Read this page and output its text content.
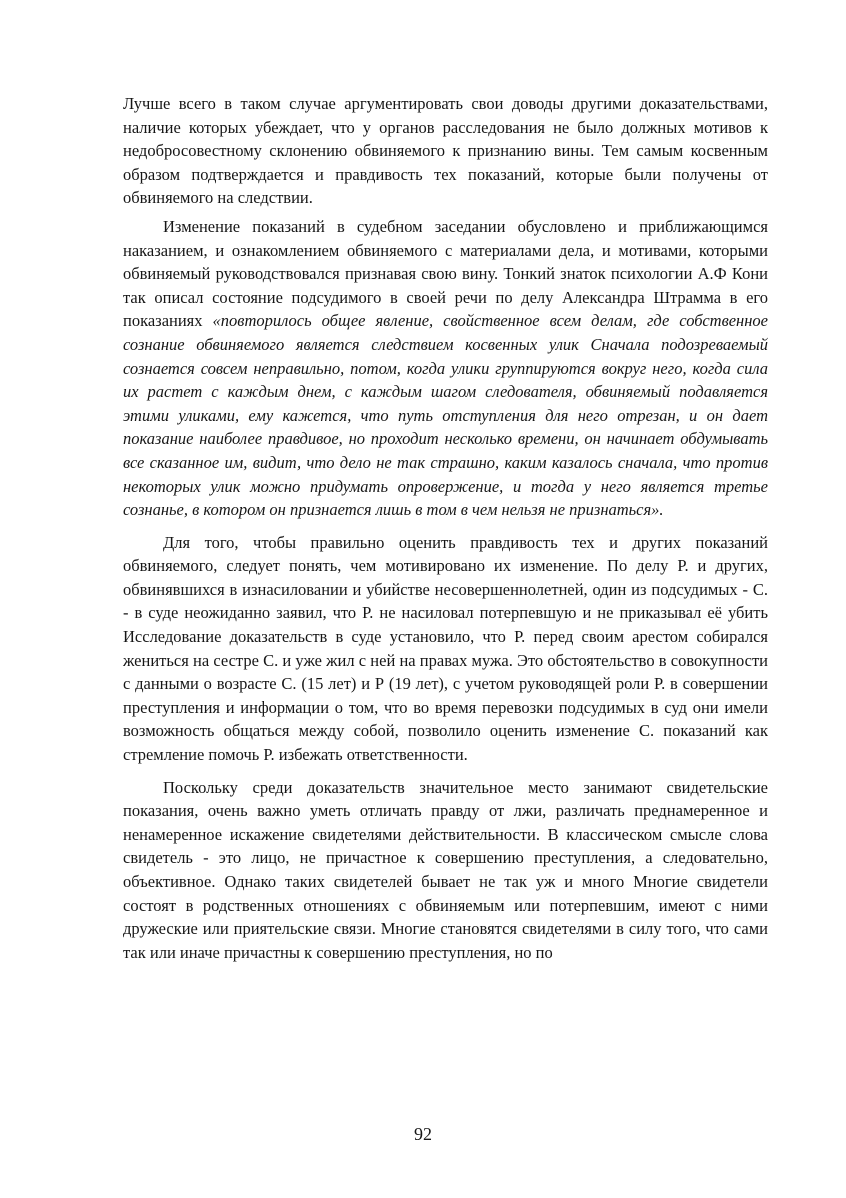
Лучше всего в таком случае аргументировать свои доводы другими доказательствами, наличие которых убеждает, что у органов расследования не было должных мотивов к недобросовестному склонению обвиняемого к признанию вины. Тем самым косвенным образом подтверждается и правдивость тех показаний, которые были получены от обвиняемого на следствии.

Изменение показаний в судебном заседании обусловлено и приближающимся наказанием, и ознакомлением обвиняемого с материалами дела, и мотивами, которыми обвиняемый руководствовался признавая свою вину. Тонкий знаток психологии А.Ф Кони так описал состояние подсудимого в своей речи по делу Александра Штрамма в его показаниях «повторилось общее явление, свойственное всем делам, где собственное сознание обвиняемого является следствием косвенных улик Сначала подозреваемый сознается совсем неправильно, потом, когда улики группируются вокруг него, когда сила их растет с каждым днем, с каждым шагом следователя, обвиняемый подавляется этими уликами, ему кажется, что путь отступления для него отрезан, и он дает показание наиболее правдивое, но проходит несколько времени, он начинает обдумывать все сказанное им, видит, что дело не так страшно, каким казалось сначала, что против некоторых улик можно придумать опровержение, и тогда у него является третье сознанье, в котором он признается лишь в том в чем нельзя не признаться».

Для того, чтобы правильно оценить правдивость тех и других показаний обвиняемого, следует понять, чем мотивировано их изменение. По делу Р. и других, обвинявшихся в изнасиловании и убийстве несовершеннолетней, один из подсудимых - С. - в суде неожиданно заявил, что Р. не насиловал потерпевшую и не приказывал её убить Исследование доказательств в суде установило, что Р. перед своим арестом собирался жениться на сестре С. и уже жил с ней на правах мужа. Это обстоятельство в совокупности с данными о возрасте С. (15 лет) и Р (19 лет), с учетом руководящей роли Р. в совершении преступления и информации о том, что во время перевозки подсудимых в суд они имели возможность общаться между собой, позволило оценить изменение С. показаний как стремление помочь Р. избежать ответственности.

Поскольку среди доказательств значительное место занимают свидетельские показания, очень важно уметь отличать правду от лжи, различать преднамеренное и ненамеренное искажение свидетелями действительности. В классическом смысле слова свидетель - это лицо, не причастное к совершению преступления, а следовательно, объективное. Однако таких свидетелей бывает не так уж и много Многие свидетели состоят в родственных отношениях с обвиняемым или потерпевшим, имеют с ними дружеские или приятельские связи. Многие становятся свидетелями в силу того, что сами так или иначе причастны к совершению преступления, но по

92
